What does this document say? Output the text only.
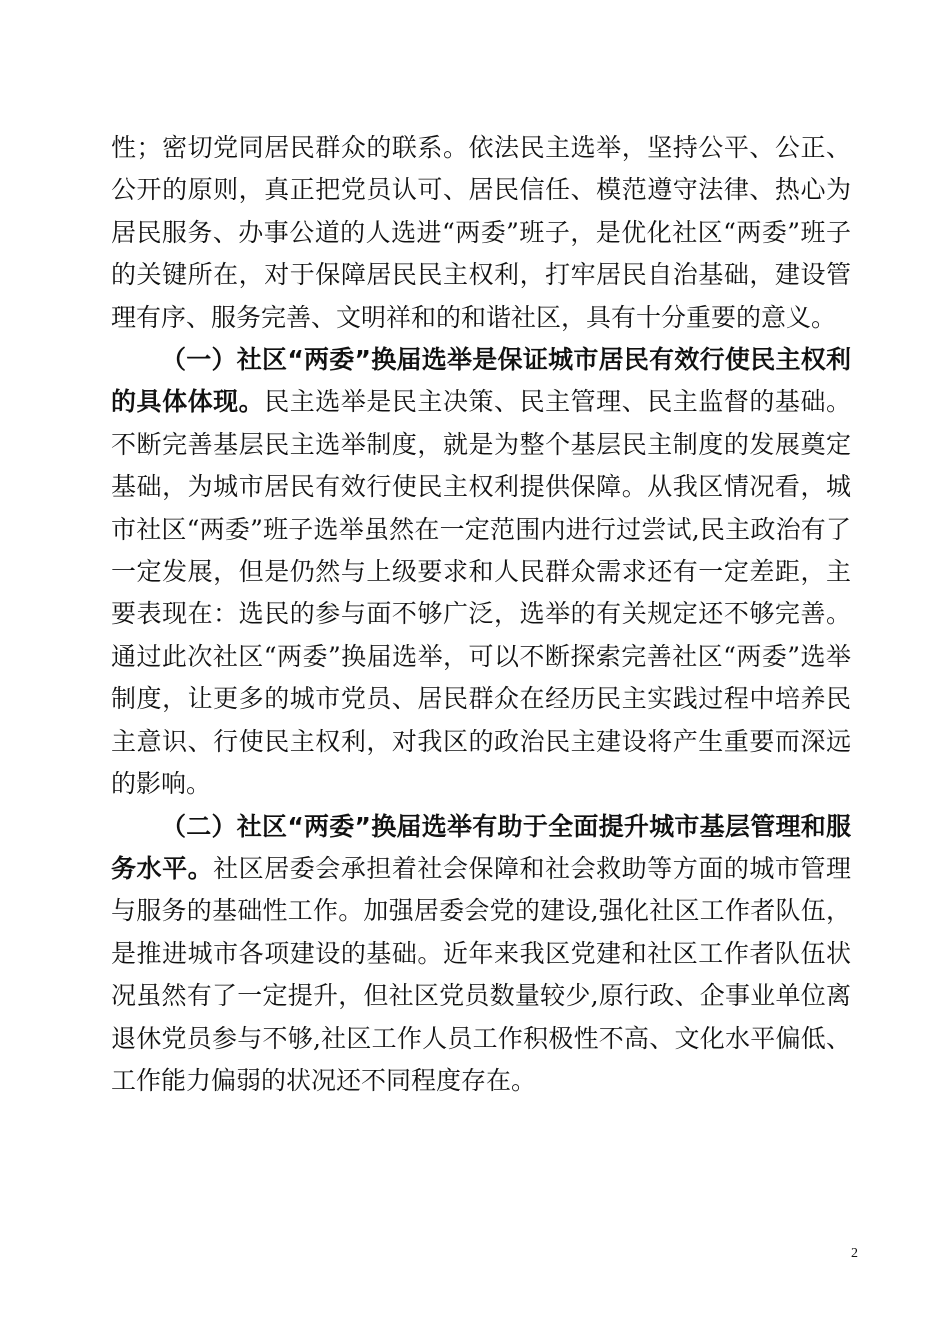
性；密切党同居民群众的联系。依法民主选举，坚持公平、公正、公开的原则，真正把党员认可、居民信任、模范遵守法律、热心为居民服务、办事公道的人选进“两委”班子，是优化社区“两委”班子的关键所在，对于保障居民民主权利，打牢居民自治基础，建设管理有序、服务完善、文明祥和的和谐社区，具有十分重要的意义。

（一）社区“两委”换届选举是保证城市居民有效行使民主权利的具体体现。民主选举是民主决策、民主管理、民主监督的基础。不断完善基层民主选举制度，就是为整个基层民主制度的发展奠定基础，为城市居民有效行使民主权利提供保障。从我区情况看，城市社区“两委”班子选举虽然在一定范围内进行过尝试,民主政治有了一定发展，但是仍然与上级要求和人民群众需求还有一定差距，主要表现在：选民的参与面不够广泛，选举的有关规定还不够完善。通过此次社区“两委”换届选举，可以不断探索完善社区“两委”选举制度，让更多的城市党员、居民群众在经历民主实践过程中培养民主意识、行使民主权利，对我区的政治民主建设将产生重要而深远的影响。

（二）社区“两委”换届选举有助于全面提升城市基层管理和服务水平。社区居委会承担着社会保障和社会救助等方面的城市管理与服务的基础性工作。加强居委会党的建设,强化社区工作者队伍，是推进城市各项建设的基础。近年来我区党建和社区工作者队伍状况虽然有了一定提升，但社区党员数量较少,原行政、企事业单位离退休党员参与不够,社区工作人员工作积极性不高、文化水平偏低、工作能力偏弱的状况还不同程度存在。

2
